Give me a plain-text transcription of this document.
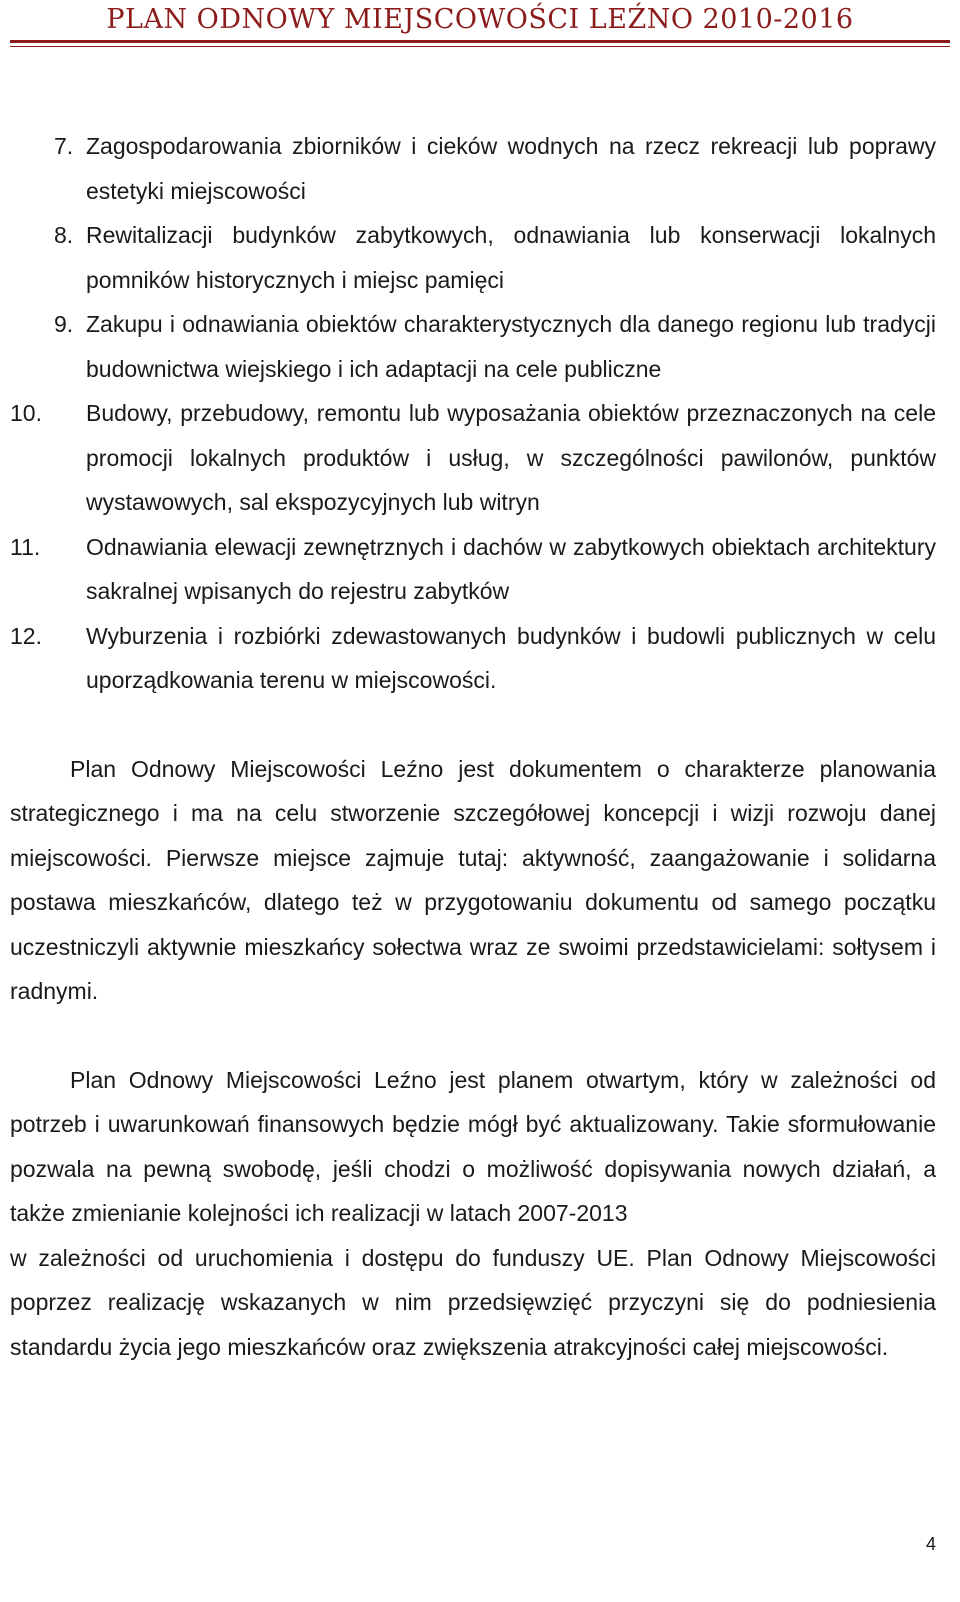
PLAN ODNOWY MIEJSCOWOŚCI LEŹNO 2010-2016
7. Zagospodarowania zbiorników i cieków wodnych na rzecz rekreacji lub poprawy estetyki miejscowości
8. Rewitalizacji budynków zabytkowych, odnawiania lub konserwacji lokalnych pomników historycznych i miejsc pamięci
9. Zakupu i odnawiania obiektów charakterystycznych dla danego regionu lub tradycji budownictwa wiejskiego i ich adaptacji na cele publiczne
10. Budowy, przebudowy, remontu lub wyposażania obiektów przeznaczonych na cele promocji lokalnych produktów i usług, w szczególności pawilonów, punktów wystawowych, sal ekspozycyjnych lub witryn
11. Odnawiania elewacji zewnętrznych i dachów w zabytkowych obiektach architektury sakralnej wpisanych do rejestru zabytków
12. Wyburzenia i rozbiórki zdewastowanych budynków i budowli publicznych w celu uporządkowania terenu w miejscowości.

Plan Odnowy Miejscowości Leźno jest dokumentem o charakterze planowania strategicznego i ma na celu stworzenie szczegółowej koncepcji i wizji rozwoju danej miejscowości. Pierwsze miejsce zajmuje tutaj: aktywność, zaangażowanie i solidarna postawa mieszkańców, dlatego też w przygotowaniu dokumentu od samego początku uczestniczyli aktywnie mieszkańcy sołectwa wraz ze swoimi przedstawicielami: sołtysem i radnymi.

Plan Odnowy Miejscowości Leźno jest planem otwartym, który w zależności od potrzeb i uwarunkowań finansowych będzie mógł być aktualizowany. Takie sformułowanie pozwala na pewną swobodę, jeśli chodzi o możliwość dopisywania nowych działań, a także zmienianie kolejności ich realizacji w latach 2007-2013

w zależności od uruchomienia i dostępu do funduszy UE. Plan Odnowy Miejscowości poprzez realizację wskazanych w nim przedsięwzięć przyczyni się do podniesienia standardu życia jego mieszkańców oraz zwiększenia atrakcyjności całej miejscowości.

4
